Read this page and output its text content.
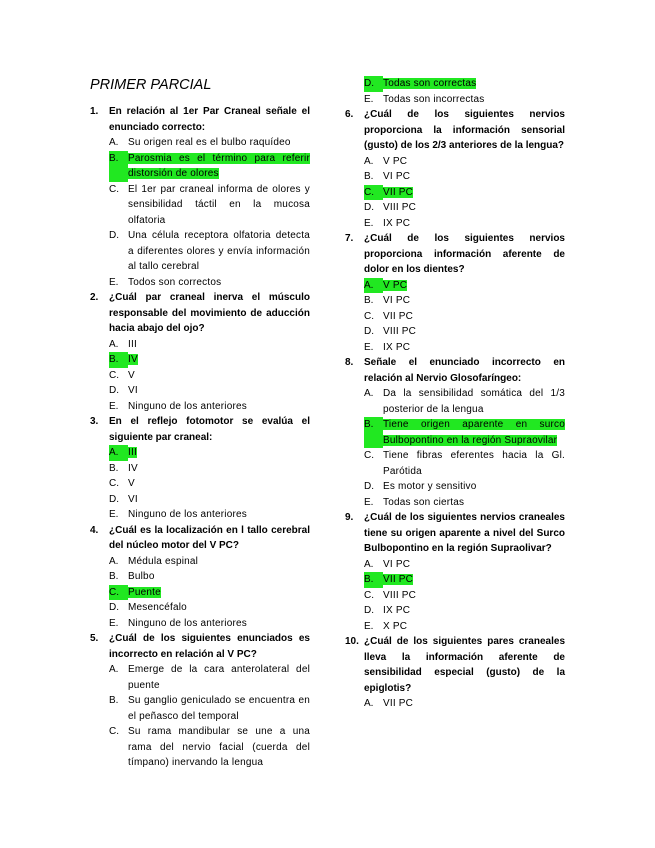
PRIMER PARCIAL
1.	En relación al 1er Par Craneal señale el enunciado correcto:
A. Su origen real es el bulbo raquídeo
B. Parosmia es el término para referir distorsión de olores
C. El 1er par craneal informa de olores y sensibilidad táctil en la mucosa olfatoria
D. Una célula receptora olfatoria detecta a diferentes olores y envía información al tallo cerebral
E. Todos son correctos
2.	¿Cuál par craneal inerva el músculo responsable del movimiento de aducción hacia abajo del ojo?
A. III
B. IV
C. V
D. VI
E. Ninguno de los anteriores
3.	En el reflejo fotomotor se evalúa el siguiente par craneal:
A. III
B. IV
C. V
D. VI
E. Ninguno de los anteriores
4.	¿Cuál es la localización en l tallo cerebral del núcleo motor del V PC?
A. Médula espinal
B. Bulbo
C. Puente
D. Mesencéfalo
E. Ninguno de los anteriores
5.	¿Cuál de los siguientes enunciados es incorrecto en relación al V PC?
A. Emerge de la cara anterolateral del puente
B. Su ganglio geniculado se encuentra en el peñasco del temporal
C. Su rama mandibular se une a una rama del nervio facial (cuerda del tímpano) inervando la lengua
D. Todas son correctas
E. Todas son incorrectas
6.	¿Cuál de los siguientes nervios proporciona la información sensorial (gusto) de los 2/3 anteriores de la lengua?
A. V PC
B. VI PC
C. VII PC
D. VIII PC
E. IX PC
7.	¿Cuál de los siguientes nervios proporciona información aferente de dolor en los dientes?
A. V PC
B. VI PC
C. VII PC
D. VIII PC
E. IX PC
8.	Señale el enunciado incorrecto en relación al Nervio Glosofaríngeo:
A. Da la sensibilidad somática del 1/3 posterior de la lengua
B. Tiene origen aparente en surco Bulbopontino en la región Supraovilar
C. Tiene fibras eferentes hacia la Gl. Parótida
D. Es motor y sensitivo
E. Todas son ciertas
9.	¿Cuál de los siguientes nervios craneales tiene su origen aparente a nivel del Surco Bulbopontino en la región Supraolivar?
A. VI PC
B. VII PC
C. VIII PC
D. IX PC
E. X PC
10. ¿Cuál de los siguientes pares craneales lleva la información aferente de sensibilidad especial (gusto) de la epiglotis?
A. VII PC
